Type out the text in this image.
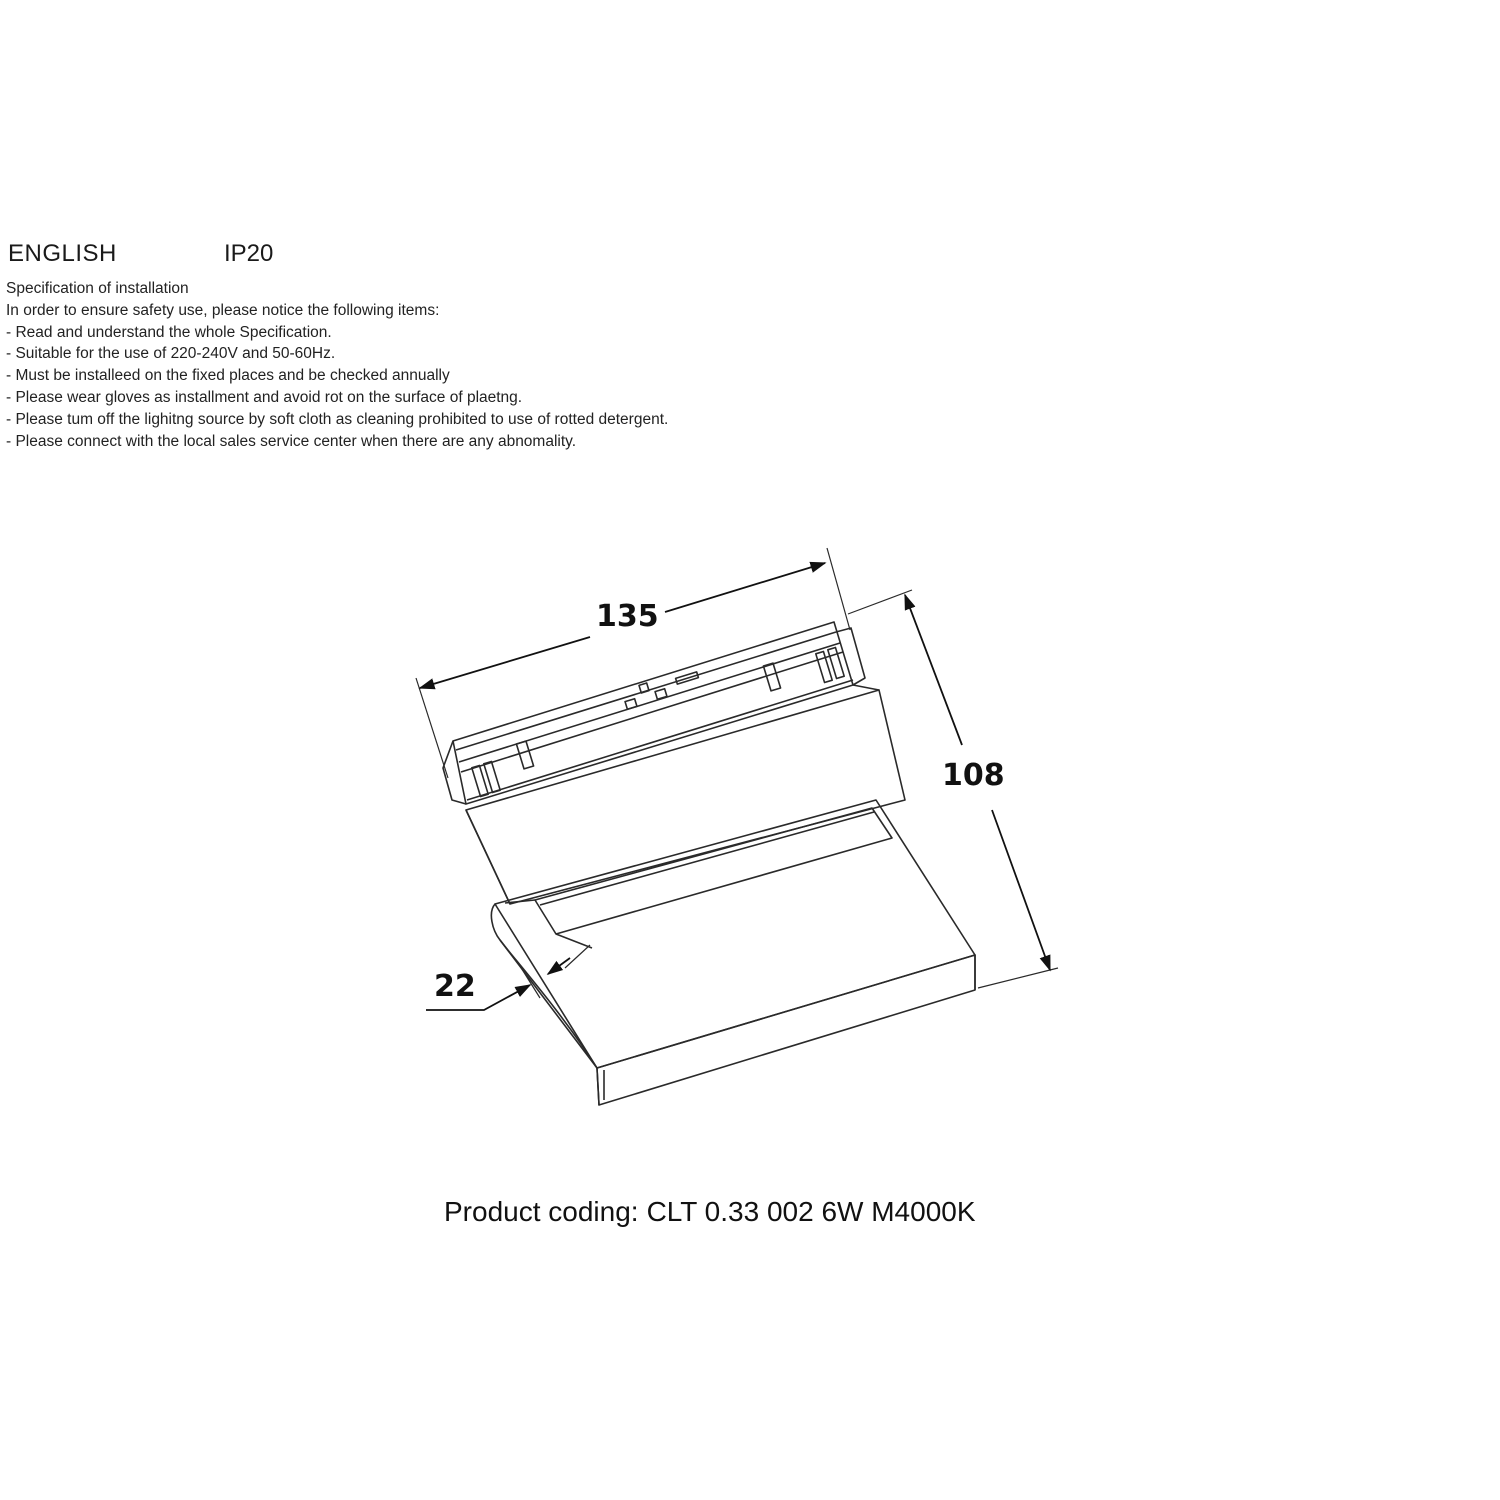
ENGLISH	IP20
Specification of installation
In order to ensure safety use, please notice the following items:
- Read and understand the whole Specification.
- Suitable for the use of 220-240V and 50-60Hz.
- Must be installeed on the fixed places and be checked annually
- Please wear gloves as installment and avoid rot on the surface of plaetng.
- Please tum off the lighitng source by soft cloth as cleaning prohibited to use of rotted detergent.
- Please connect with the local sales service center when there are any abnomality.
135
108
22
Product coding: CLT 0.33 002 6W M4000K
